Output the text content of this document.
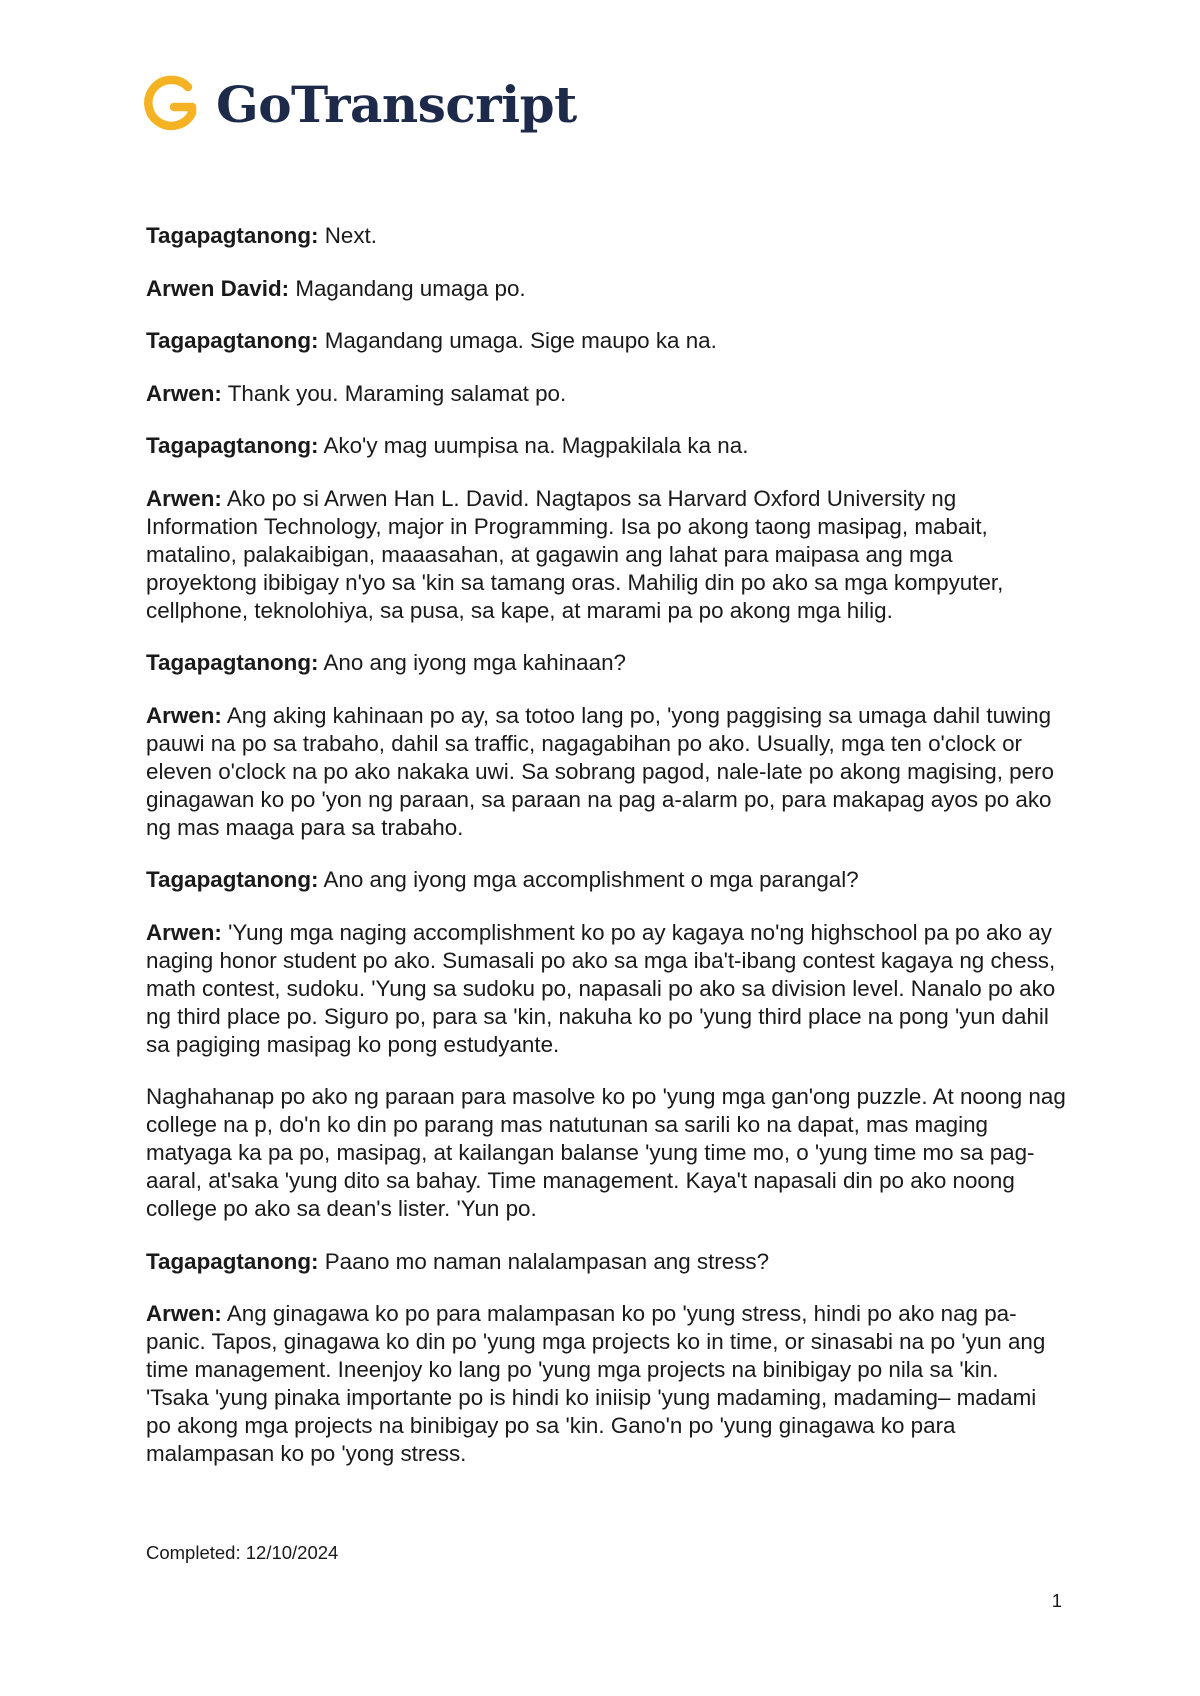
GoTranscript

Tagapagtanong: Next.

Arwen David: Magandang umaga po.

Tagapagtanong: Magandang umaga. Sige maupo ka na.

Arwen: Thank you. Maraming salamat po.

Tagapagtanong: Ako'y mag uumpisa na. Magpakilala ka na.

Arwen: Ako po si Arwen Han L. David. Nagtapos sa Harvard Oxford University ng Information Technology, major in Programming. Isa po akong taong masipag, mabait, matalino, palakaibigan, maaasahan, at gagawin ang lahat para maipasa ang mga proyektong ibibigay n'yo sa 'kin sa tamang oras. Mahilig din po ako sa mga kompyuter, cellphone, teknolohiya, sa pusa, sa kape, at marami pa po akong mga hilig.

Tagapagtanong: Ano ang iyong mga kahinaan?

Arwen: Ang aking kahinaan po ay, sa totoo lang po, 'yong paggising sa umaga dahil tuwing pauwi na po sa trabaho, dahil sa traffic, nagagabihan po ako. Usually, mga ten o'clock or eleven o'clock na po ako nakaka uwi. Sa sobrang pagod, nale-late po akong magising, pero ginagawan ko po 'yon ng paraan, sa paraan na pag a-alarm po, para makapag ayos po ako ng mas maaga para sa trabaho.

Tagapagtanong: Ano ang iyong mga accomplishment o mga parangal?

Arwen: 'Yung mga naging accomplishment ko po ay kagaya no'ng highschool pa po ako ay naging honor student po ako. Sumasali po ako sa mga iba't-ibang contest kagaya ng chess, math contest, sudoku. 'Yung sa sudoku po, napasali po ako sa division level. Nanalo po ako ng third place po. Siguro po, para sa 'kin, nakuha ko po 'yung third place na pong 'yun dahil sa pagiging masipag ko pong estudyante.

Naghahanap po ako ng paraan para masolve ko po 'yung mga gan'ong puzzle. At noong nag college na p, do'n ko din po parang mas natutunan sa sarili ko na dapat, mas maging matyaga ka pa po, masipag, at kailangan balanse 'yung time mo, o 'yung time mo sa pag-aaral, at'saka 'yung dito sa bahay. Time management. Kaya't napasali din po ako noong college po ako sa dean's lister. 'Yun po.

Tagapagtanong: Paano mo naman nalalampasan ang stress?

Arwen: Ang ginagawa ko po para malampasan ko po 'yung stress, hindi po ako nag pa-panic. Tapos, ginagawa ko din po 'yung mga projects ko in time, or sinasabi na po 'yun ang time management. Ineenjoy ko lang po 'yung mga projects na binibigay po nila sa 'kin. 'Tsaka 'yung pinaka importante po is hindi ko iniisip 'yung madaming, madaming– madami po akong mga projects na binibigay po sa 'kin. Gano'n po 'yung ginagawa ko para malampasan ko po 'yong stress.

Completed: 12/10/2024
1
